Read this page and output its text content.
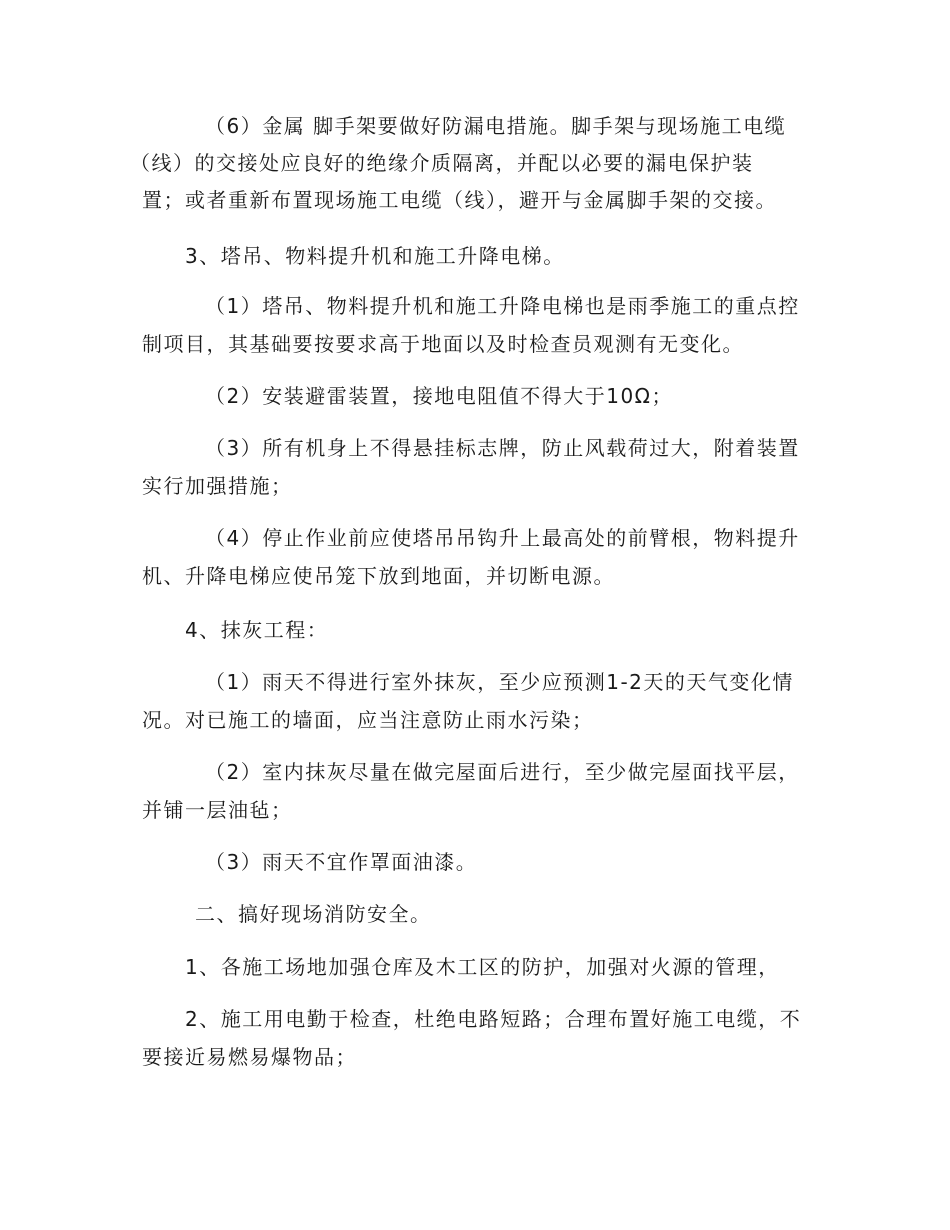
（6）金属 脚手架要做好防漏电措施。脚手架与现场施工电缆
（线）的交接处应良好的绝缘介质隔离，并配以必要的漏电保护装
置；或者重新布置现场施工电缆（线），避开与金属脚手架的交接。
3、塔吊、物料提升机和施工升降电梯。
（1）塔吊、物料提升机和施工升降电梯也是雨季施工的重点控
制项目，其基础要按要求高于地面以及时检查员观测有无变化。
（2）安装避雷装置，接地电阻值不得大于10Ω；
（3）所有机身上不得悬挂标志牌，防止风载荷过大，附着装置
实行加强措施；
（4）停止作业前应使塔吊吊钩升上最高处的前臂根，物料提升
机、升降电梯应使吊笼下放到地面，并切断电源。
4、抹灰工程：
（1）雨天不得进行室外抹灰，至少应预测1-2天的天气变化情
况。对已施工的墙面，应当注意防止雨水污染；
（2）室内抹灰尽量在做完屋面后进行，至少做完屋面找平层，
并铺一层油毡；
（3）雨天不宜作罩面油漆。
二、搞好现场消防安全。
1、各施工场地加强仓库及木工区的防护，加强对火源的管理，
2、施工用电勤于检查，杜绝电路短路；合理布置好施工电缆，不
要接近易燃易爆物品；
